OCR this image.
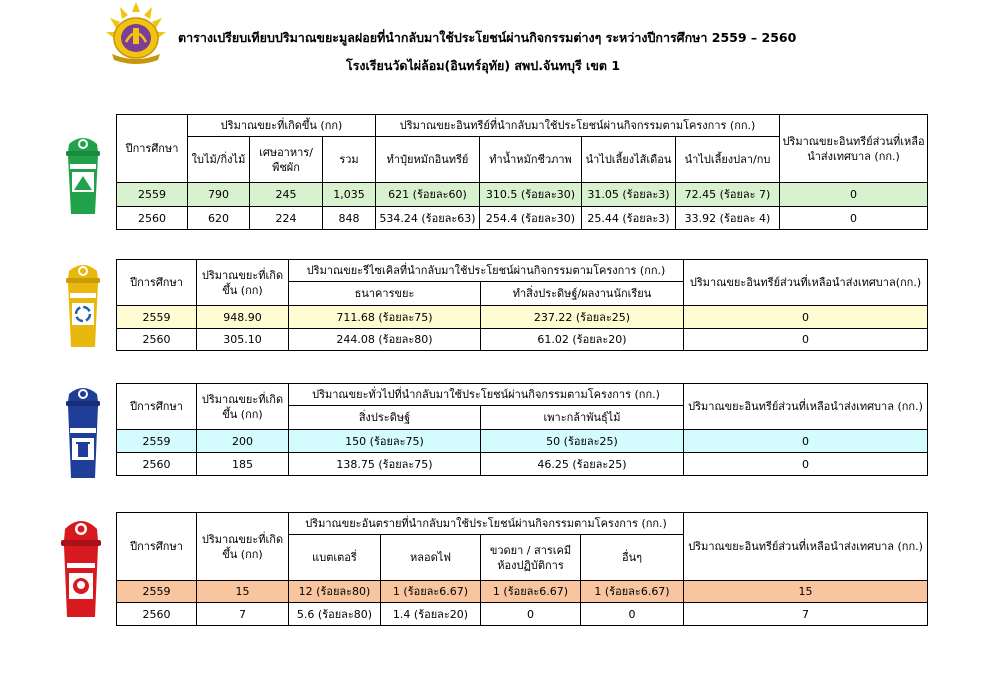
ตารางเปรียบเทียบปริมาณขยะมูลฝอยที่นำกลับมาใช้ประโยชน์ผ่านกิจกรรมต่างๆ ระหว่างปีการศึกษา 2559 – 2560
โรงเรียนวัดไผ่ล้อม(อินทร์อุทัย) สพป.จันทบุรี เขต 1
ปีการศึกษา	ปริมาณขยะที่เกิดขึ้น (กก)			ปริมาณขยะอินทรีย์ที่นำกลับมาใช้ประโยชน์ผ่านกิจกรรมตามโครงการ (กก.)				ปริมาณขยะอินทรีย์ส่วนที่เหลือนำส่งเทศบาล (กก.)
	ใบไม้/กิ่งไม้	เศษอาหาร/พืชผัก	รวม	ทำปุ๋ยหมักอินทรีย์	ทำน้ำหมักชีวภาพ	นำไปเลี้ยงไส้เดือน	นำไปเลี้ยงปลา/กบ	
2559	790	245	1,035	621 (ร้อยละ60)	310.5 (ร้อยละ30)	31.05 (ร้อยละ3)	72.45 (ร้อยละ 7)	0
2560	620	224	848	534.24 (ร้อยละ63)	254.4 (ร้อยละ30)	25.44 (ร้อยละ3)	33.92 (ร้อยละ 4)	0
ปีการศึกษา	ปริมาณขยะที่เกิดขึ้น (กก)	ปริมาณขยะรีไซเคิลที่นำกลับมาใช้ประโยชน์ผ่านกิจกรรมตามโครงการ (กก.)		ปริมาณขยะอินทรีย์ส่วนที่เหลือนำส่งเทศบาล(กก.)
		ธนาคารขยะ	ทำสิ่งประดิษฐ์/ผลงานนักเรียน	
2559	948.90	711.68 (ร้อยละ75)	237.22 (ร้อยละ25)	0
2560	305.10	244.08 (ร้อยละ80)	61.02 (ร้อยละ20)	0
ปีการศึกษา	ปริมาณขยะที่เกิดขึ้น (กก)	ปริมาณขยะทั่วไปที่นำกลับมาใช้ประโยชน์ผ่านกิจกรรมตามโครงการ (กก.)		ปริมาณขยะอินทรีย์ส่วนที่เหลือนำส่งเทศบาล (กก.)
		สิ่งประดิษฐ์	เพาะกล้าพันธุ์ไม้	
2559	200	150 (ร้อยละ75)	50 (ร้อยละ25)	0
2560	185	138.75 (ร้อยละ75)	46.25 (ร้อยละ25)	0
ปีการศึกษา	ปริมาณขยะที่เกิดขึ้น (กก)	ปริมาณขยะอันตรายที่นำกลับมาใช้ประโยชน์ผ่านกิจกรรมตามโครงการ (กก.)				ปริมาณขยะอินทรีย์ส่วนที่เหลือนำส่งเทศบาล (กก.)
		แบตเตอรี่	หลอดไฟ	ขวดยา / สารเคมีห้องปฏิบัติการ	อื่นๆ	
2559	15	12 (ร้อยละ80)	1 (ร้อยละ6.67)	1 (ร้อยละ6.67)	1 (ร้อยละ6.67)	15
2560	7	5.6 (ร้อยละ80)	1.4 (ร้อยละ20)	0	0	7
